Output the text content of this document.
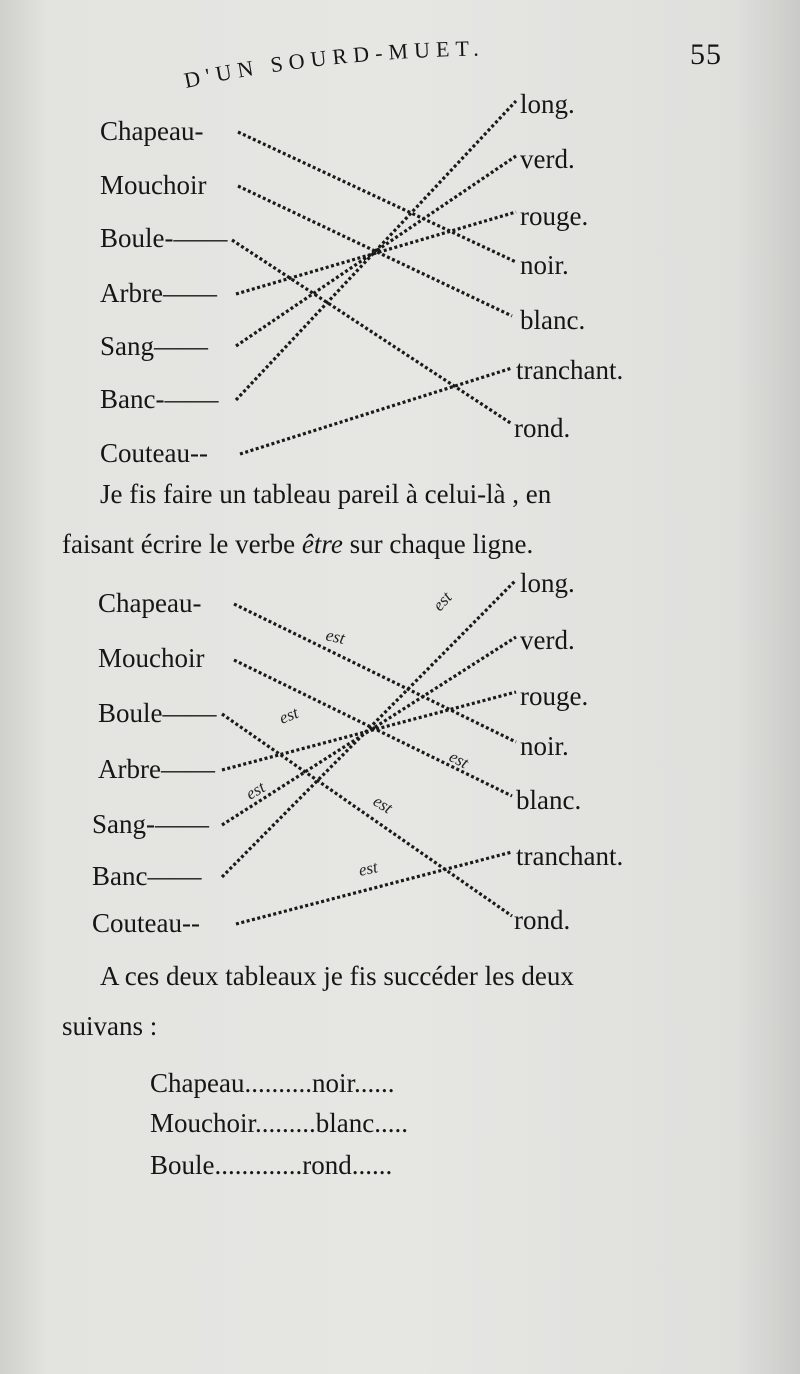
D'UN SOURD-MUET.	55
Chapeau-
Mouchoir
Boule-——
Arbre——
Sang——
Banc-——
Couteau--
long.
verd.
rouge.
noir.
blanc.
tranchant.
rond.
Je fis faire un tableau pareil à celui-là , en
faisant écrire le verbe être sur chaque ligne.
Chapeau-
Mouchoir
Boule——
Arbre——
Sang-——
Banc——
Couteau--
long.
verd.
rouge.
noir.
blanc.
tranchant.
rond.
A ces deux tableaux je fis succéder les deux
suivans :
Chapeau..........noir......
Mouchoir.........blanc.....
Boule.............rond......
est
est
est
est
est
est
est
